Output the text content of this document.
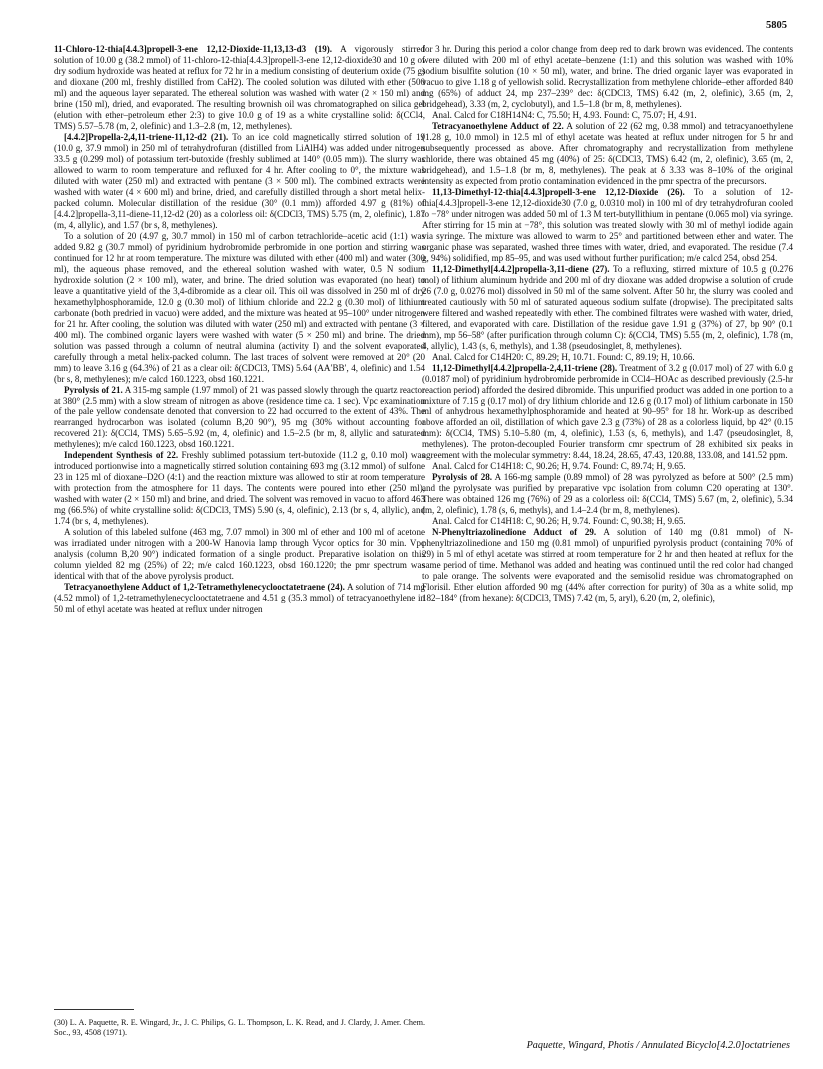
5805

11-Chloro-12-thia[4.4.3]propell-3-ene 12,12-Dioxide-11,13,13-d3 (19). A vigorously stirred solution of 10.00 g (38.2 mmol) of 11-chloro-12-thia[4.4.3]propell-3-ene 12,12-dioxide30 and 10 g of dry sodium hydroxide was heated at reflux for 72 hr in a medium consisting of deuterium oxide (75 g) and dioxane (200 ml, freshly distilled from CaH2). The cooled solution was diluted with ether (500 ml) and the aqueous layer separated. The ethereal solution was washed with water (2 × 150 ml) and brine (150 ml), dried, and evaporated. The resulting brownish oil was chromatographed on silica gel (elution with ether–petroleum ether 2:3) to give 10.0 g of 19 as a white crystalline solid: δ(CCl4, TMS) 5.57–5.78 (m, 2, olefinic) and 1.3–2.8 (m, 12, methylenes).

[4.4.2]Propella-2,4,11-triene-11,12-d2 (21). To an ice cold magnetically stirred solution of 19 (10.0 g, 37.9 mmol) in 250 ml of tetrahydrofuran (distilled from LiAlH4) was added under nitrogen 33.5 g (0.299 mol) of potassium tert-butoxide (freshly sublimed at 140° (0.05 mm)). The slurry was allowed to warm to room temperature and refluxed for 4 hr. After cooling to 0°, the mixture was diluted with water (250 ml) and extracted with pentane (3 × 500 ml). The combined extracts were washed with water (4 × 600 ml) and brine, dried, and carefully distilled through a short metal helix-packed column. Molecular distillation of the residue (30° (0.1 mm)) afforded 4.97 g (81%) of [4.4.2]propella-3,11-diene-11,12-d2 (20) as a colorless oil: δ(CDCl3, TMS) 5.75 (m, 2, olefinic), 1.87 (m, 4, allylic), and 1.57 (br s, 8, methylenes).

To a solution of 20 (4.97 g, 30.7 mmol) in 150 ml of carbon tetrachloride–acetic acid (1:1) was added 9.82 g (30.7 mmol) of pyridinium hydrobromide perbromide in one portion and stirring was continued for 12 hr at room temperature. The mixture was diluted with ether (400 ml) and water (300 ml), the aqueous phase removed, and the ethereal solution washed with water, 0.5 N sodium hydroxide solution (2 × 100 ml), water, and brine. The dried solution was evaporated (no heat) to leave a quantitative yield of the 3,4-dibromide as a clear oil. This oil was dissolved in 250 ml of dry hexamethylphosphoramide, 12.0 g (0.30 mol) of lithium chloride and 22.2 g (0.30 mol) of lithium carbonate (both predried in vacuo) were added, and the mixture was heated at 95–100° under nitrogen for 21 hr. After cooling, the solution was diluted with water (250 ml) and extracted with pentane (3 × 400 ml). The combined organic layers were washed with water (5 × 250 ml) and brine. The dried solution was passed through a column of neutral alumina (activity I) and the solvent evaporated carefully through a metal helix-packed column. The last traces of solvent were removed at 20° (20 mm) to leave 3.16 g (64.3%) of 21 as a clear oil: δ(CDCl3, TMS) 5.64 (AA′BB′, 4, olefinic) and 1.54 (br s, 8, methylenes); m/e calcd 160.1223, obsd 160.1221.

Pyrolysis of 21. A 315-mg sample (1.97 mmol) of 21 was passed slowly through the quartz reactor at 380° (2.5 mm) with a slow stream of nitrogen as above (residence time ca. 1 sec). Vpc examination of the pale yellow condensate denoted that conversion to 22 had occurred to the extent of 43%. The rearranged hydrocarbon was isolated (column B,20 90°), 95 mg (30% without accounting for recovered 21): δ(CCl4, TMS) 5.65–5.92 (m, 4, olefinic) and 1.5–2.5 (br m, 8, allylic and saturated methylenes); m/e calcd 160.1223, obsd 160.1221.

Independent Synthesis of 22. Freshly sublimed potassium tert-butoxide (11.2 g, 0.10 mol) was introduced portionwise into a magnetically stirred solution containing 693 mg (3.12 mmol) of sulfone 23 in 125 ml of dioxane–D2O (4:1) and the reaction mixture was allowed to stir at room temperature with protection from the atmosphere for 11 days. The contents were poured into ether (250 ml), washed with water (2 × 150 ml) and brine, and dried. The solvent was removed in vacuo to afford 463 mg (66.5%) of white crystalline solid: δ(CDCl3, TMS) 5.90 (s, 4, olefinic), 2.13 (br s, 4, allylic), and 1.74 (br s, 4, methylenes).

A solution of this labeled sulfone (463 mg, 7.07 mmol) in 300 ml of ether and 100 ml of acetone was irradiated under nitrogen with a 200-W Hanovia lamp through Vycor optics for 30 min. Vpc analysis (column B,20 90°) indicated formation of a single product. Preparative isolation on this column yielded 82 mg (25%) of 22; m/e calcd 160.1223, obsd 160.1220; the pmr spectrum was identical with that of the above pyrolysis product.

Tetracyanoethylene Adduct of 1,2-Tetramethylenecyclooctatetraene (24). A solution of 714 mg (4.52 mmol) of 1,2-tetramethylenecyclooctatetraene and 4.51 g (35.3 mmol) of tetracyanoethylene in 50 ml of ethyl acetate was heated at reflux under nitrogen

for 3 hr. During this period a color change from deep red to dark brown was evidenced. The contents were diluted with 200 ml of ethyl acetate–benzene (1:1) and this solution was washed with 10% sodium bisulfite solution (10 × 50 ml), water, and brine. The dried organic layer was evaporated in vacuo to give 1.18 g of yellowish solid. Recrystallization from methylene chloride–ether afforded 840 mg (65%) of adduct 24, mp 237–239° dec: δ(CDCl3, TMS) 6.42 (m, 2, olefinic), 3.65 (m, 2, bridgehead), 3.33 (m, 2, cyclobutyl), and 1.5–1.8 (br m, 8, methylenes).

Anal. Calcd for C18H14N4: C, 75.50; H, 4.93. Found: C, 75.07; H, 4.91.

Tetracyanoethylene Adduct of 22. A solution of 22 (62 mg, 0.38 mmol) and tetracyanoethylene (1.28 g, 10.0 mmol) in 12.5 ml of ethyl acetate was heated at reflux under nitrogen for 5 hr and subsequently processed as above. After chromatography and recrystallization from methylene chloride, there was obtained 45 mg (40%) of 25: δ(CDCl3, TMS) 6.42 (m, 2, olefinic), 3.65 (m, 2, bridgehead), and 1.5–1.8 (br m, 8, methylenes). The peak at δ 3.33 was 8–10% of the original intensity as expected from protio contamination evidenced in the pmr spectra of the precursors.

11,13-Dimethyl-12-thia[4.4.3]propell-3-ene 12,12-Dioxide (26). To a solution of 12-thia[4.4.3]propell-3-ene 12,12-dioxide30 (7.0 g, 0.0310 mol) in 100 ml of dry tetrahydrofuran cooled to −78° under nitrogen was added 50 ml of 1.3 M tert-butyllithium in pentane (0.065 mol) via syringe. After stirring for 15 min at −78°, this solution was treated slowly with 30 ml of methyl iodide again via syringe. The mixture was allowed to warm to 25° and partitioned between ether and water. The organic phase was separated, washed three times with water, dried, and evaporated. The residue (7.4 g, 94%) solidified, mp 85–95, and was used without further purification; m/e calcd 254, obsd 254.

11,12-Dimethyl[4.4.2]propella-3,11-diene (27). To a refluxing, stirred mixture of 10.5 g (0.276 mol) of lithium aluminum hydride and 200 ml of dry dioxane was added dropwise a solution of crude 26 (7.0 g, 0.0276 mol) dissolved in 50 ml of the same solvent. After 50 hr, the slurry was cooled and treated cautiously with 50 ml of saturated aqueous sodium sulfate (dropwise). The precipitated salts were filtered and washed repeatedly with ether. The combined filtrates were washed with water, dried, filtered, and evaporated with care. Distillation of the residue gave 1.91 g (37%) of 27, bp 90° (0.1 mm), mp 56–58° (after purification through column C): δ(CCl4, TMS) 5.55 (m, 2, olefinic), 1.78 (m, 4, allylic), 1.43 (s, 6, methyls), and 1.38 (pseudosinglet, 8, methylenes).

Anal. Calcd for C14H20: C, 89.29; H, 10.71. Found: C, 89.19; H, 10.66.

11,12-Dimethyl[4.4.2]propella-2,4,11-triene (28). Treatment of 3.2 g (0.017 mol) of 27 with 6.0 g (0.0187 mol) of pyridinium hydrobromide perbromide in CCl4–HOAc as described previously (2.5-hr reaction period) afforded the desired dibromide. This unpurified product was added in one portion to a mixture of 7.15 g (0.17 mol) of dry lithium chloride and 12.6 g (0.17 mol) of lithium carbonate in 150 ml of anhydrous hexamethylphosphoramide and heated at 90–95° for 18 hr. Work-up as described above afforded an oil, distillation of which gave 2.3 g (73%) of 28 as a colorless liquid, bp 42° (0.15 mm): δ(CCl4, TMS) 5.10–5.80 (m, 4, olefinic), 1.53 (s, 6, methyls), and 1.47 (pseudosinglet, 8, methylenes). The proton-decoupled Fourier transform cmr spectrum of 28 exhibited six peaks in agreement with the molecular symmetry: 8.44, 18.24, 28.65, 47.43, 120.88, 133.08, and 141.52 ppm.

Anal. Calcd for C14H18: C, 90.26; H, 9.74. Found: C, 89.74; H, 9.65.

Pyrolysis of 28. A 166-mg sample (0.89 mmol) of 28 was pyrolyzed as before at 500° (2.5 mm) and the pyrolysate was purified by preparative vpc isolation from column C20 operating at 130°. There was obtained 126 mg (76%) of 29 as a colorless oil: δ(CCl4, TMS) 5.67 (m, 2, olefinic), 5.34 (m, 2, olefinic), 1.78 (s, 6, methyls), and 1.4–2.4 (br m, 8, methylenes).

Anal. Calcd for C14H18: C, 90.26; H, 9.74. Found: C, 90.38; H, 9.65.

N-Phenyltriazolinedione Adduct of 29. A solution of 140 mg (0.81 mmol) of N-phenyltriazolinedione and 150 mg (0.81 mmol) of unpurified pyrolysis product (containing 70% of 29) in 5 ml of ethyl acetate was stirred at room temperature for 2 hr and then heated at reflux for the same period of time. Methanol was added and heating was continued until the red color had changed to pale orange. The solvents were evaporated and the semisolid residue was chromatographed on Florisil. Ether elution afforded 90 mg (44% after correction for purity) of 30a as a white solid, mp 182–184° (from hexane): δ(CDCl3, TMS) 7.42 (m, 5, aryl), 6.20 (m, 2, olefinic),

(30) L. A. Paquette, R. E. Wingard, Jr., J. C. Philips, G. L. Thompson, L. K. Read, and J. Clardy, J. Amer. Chem. Soc., 93, 4508 (1971).
Paquette, Wingard, Photis / Annulated Bicyclo[4.2.0]octatrienes
